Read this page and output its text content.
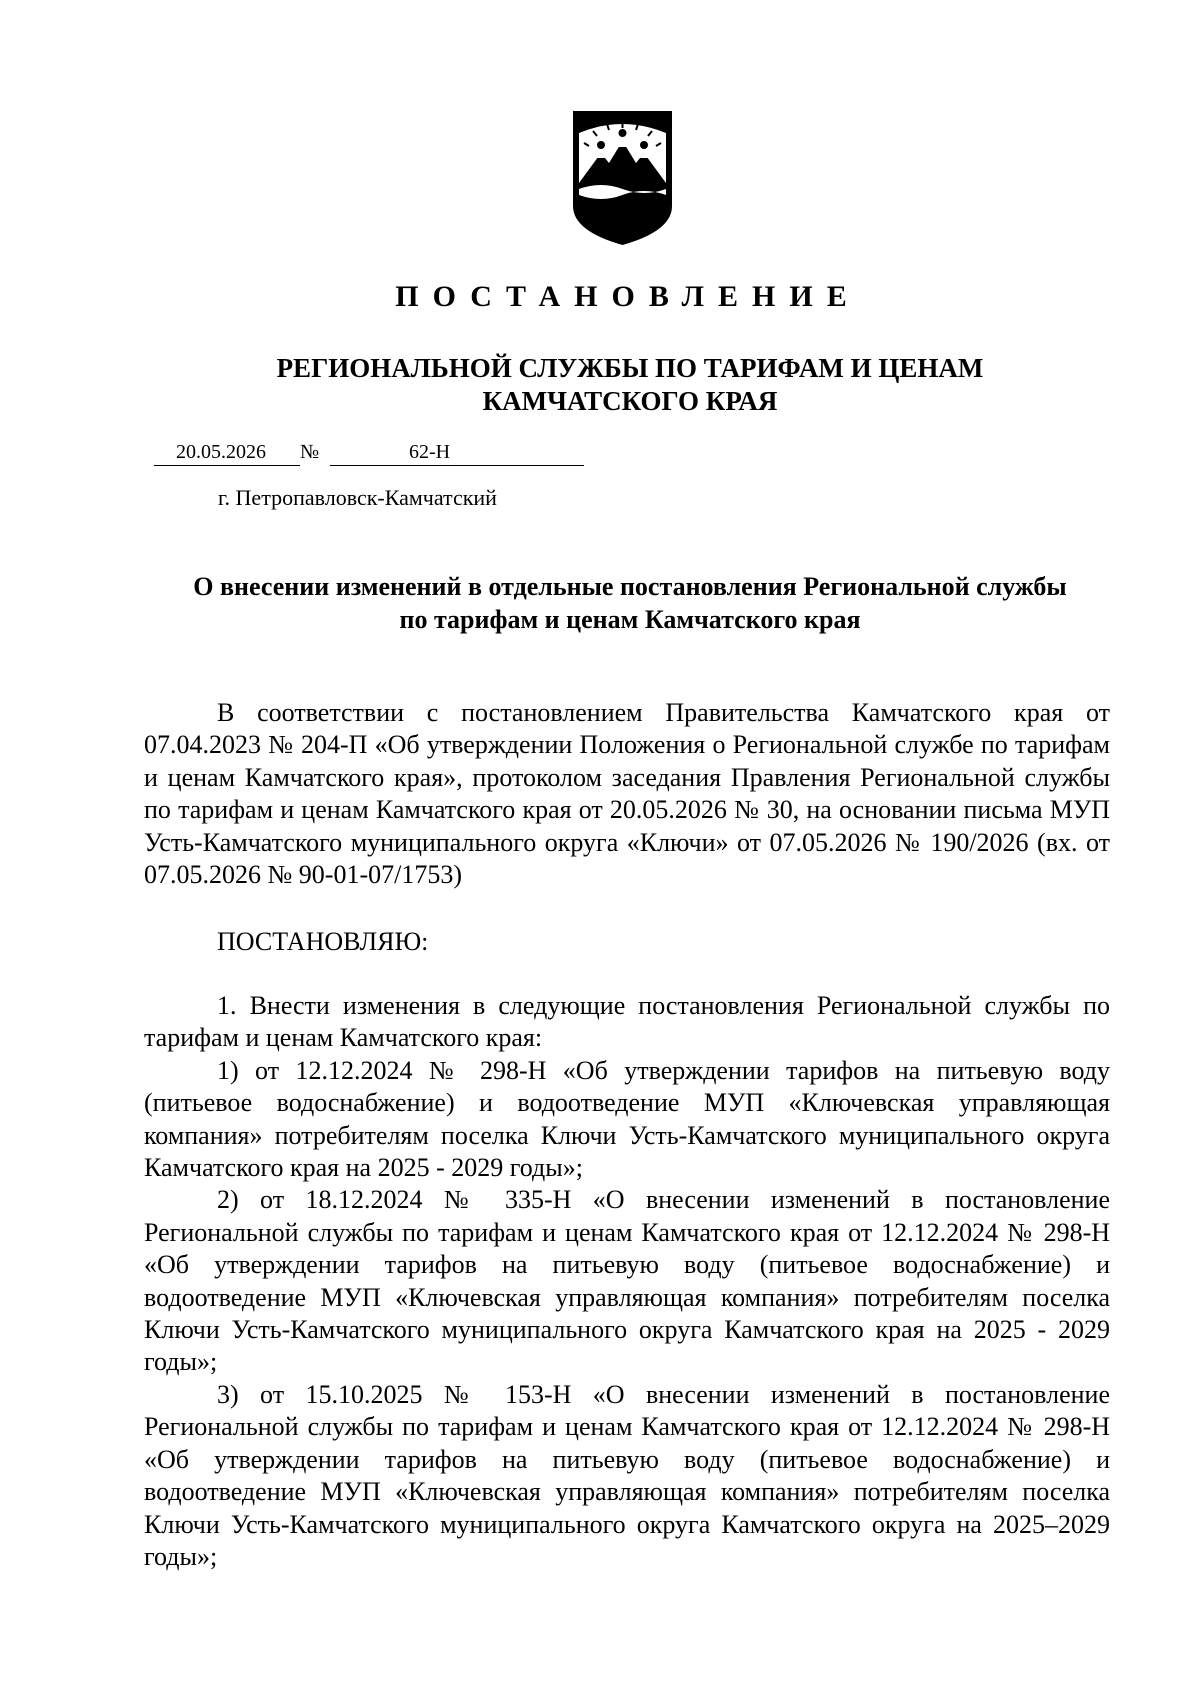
ПОСТАНОВЛЕНИЕ
РЕГИОНАЛЬНОЙ СЛУЖБЫ ПО ТАРИФАМ И ЦЕНАМ
КАМЧАТСКОГО КРАЯ
20.05.2026 №	62-Н
г. Петропавловск-Камчатский
О внесении изменений в отдельные постановления Региональной службы
по тарифам и ценам Камчатского края
В соответствии с постановлением Правительства Камчатского края от 07.04.2023 № 204-П «Об утверждении Положения о Региональной службе по тарифам и ценам Камчатского края», протоколом заседания Правления Региональной службы по тарифам и ценам Камчатского края от 20.05.2026 № 30, на основании письма МУП Усть-Камчатского муниципального округа «Ключи» от 07.05.2026 № 190/2026 (вх. от 07.05.2026 № 90-01-07/1753)
ПОСТАНОВЛЯЮ:

1. Внести изменения в следующие постановления Региональной службы по тарифам и ценам Камчатского края:

1) от 12.12.2024 № 298-Н «Об утверждении тарифов на питьевую воду (питьевое водоснабжение) и водоотведение МУП «Ключевская управляющая компания» потребителям поселка Ключи Усть-Камчатского муниципального округа Камчатского края на 2025 - 2029 годы»;

2) от 18.12.2024 № 335-Н «О внесении изменений в постановление Региональной службы по тарифам и ценам Камчатского края от 12.12.2024 № 298-Н «Об утверждении тарифов на питьевую воду (питьевое водоснабжение) и водоотведение МУП «Ключевская управляющая компания» потребителям поселка Ключи Усть-Камчатского муниципального округа Камчатского края на 2025 - 2029 годы»;

3) от 15.10.2025 № 153-Н «О внесении изменений в постановление Региональной службы по тарифам и ценам Камчатского края от 12.12.2024 № 298-Н «Об утверждении тарифов на питьевую воду (питьевое водоснабжение) и водоотведение МУП «Ключевская управляющая компания» потребителям поселка Ключи Усть-Камчатского муниципального округа Камчатского округа на 2025–2029 годы»;
